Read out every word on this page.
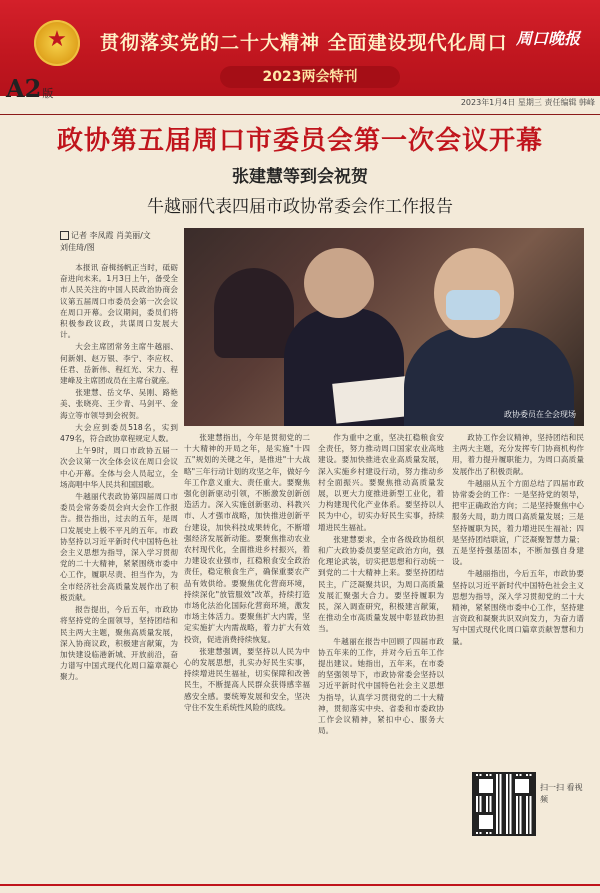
★	贯彻落实党的二十大精神 全面建设现代化周口 周口晚报
2023两会特刊
A2版
2023年1月4日 星期三 责任编辑 韩峰
政协第五届周口市委员会第一次会议开幕
张建慧等到会祝贺
牛越丽代表四届市政协常委会作工作报告
记者 李凤霞 肖美丽/文
刘佳琦/图
政协委员在全会现场

本报讯 奋楫扬帆正当时，砥砺奋进向未来。1月3日上午，备受全市人民关注的中国人民政治协商会议第五届周口市委员会第一次会议在周口开幕。会议期间，委员们将积极参政议政，共谋周口发展大计。

大会主席团常务主席牛越丽、何新娟、赵万银、李宁、李应权、任君、岳新伟、程红光、宋力、程建峰及主席团成员在主席台就座。

张建慧、岳文华、吴刚、路艳美、张晓亮、王少青、马剑平、金海立等市领导到会祝贺。

大会应到委员518名，实到479名，符合政协章程规定人数。

上午9时，周口市政协五届一次会议第一次全体会议在周口会议中心开幕。全体与会人员起立，全场高唱中华人民共和国国歌。

牛越丽代表政协第四届周口市委员会常务委员会向大会作工作报告。报告指出，过去的五年，是周口发展史上极不平凡的五年。市政协坚持以习近平新时代中国特色社会主义思想为指导，深入学习贯彻党的二十大精神，紧紧围绕市委中心工作，履职尽责、担当作为，为全市经济社会高质量发展作出了积极贡献。

报告提出，今后五年，市政协将坚持党的全面领导，坚持团结和民主两大主题，聚焦高质量发展，深入协商议政，积极建言献策，为加快建设临港新城、开放前沿，奋力谱写中国式现代化周口篇章凝心聚力。

张建慧指出，今年是贯彻党的二十大精神的开局之年，是实施"十四五"规划的关键之年，是推进"十大战略"三年行动计划的攻坚之年，做好今年工作意义重大、责任重大。要聚焦强化创新驱动引领，不断激发创新创造活力。深入实施创新驱动、科教兴市、人才强市战略，加快推进创新平台建设，加快科技成果转化，不断增强经济发展新动能。要聚焦推动农业农村现代化，全面推进乡村振兴，着力建设农业强市，扛稳粮食安全政治责任，稳定粮食生产，确保重要农产品有效供给。要聚焦优化营商环境，持续深化"放管服效"改革，持续打造市场化法治化国际化营商环境，激发市场主体活力。要聚焦扩大内需，坚定实施扩大内需战略，着力扩大有效投资，促进消费持续恢复。

张建慧强调，要坚持以人民为中心的发展思想，扎实办好民生实事，持续增进民生福祉，切实保障和改善民生，不断提高人民群众获得感幸福感安全感。要统筹发展和安全，坚决守住不发生系统性风险的底线。

作为重中之重，坚决扛稳粮食安全责任，努力推动周口国家农业高地建设。要加快推进农业高质量发展，深入实施乡村建设行动，努力推动乡村全面振兴。要聚焦推动高质量发展，以更大力度推进新型工业化，着力构建现代化产业体系。要坚持以人民为中心，切实办好民生实事，持续增进民生福祉。

张建慧要求，全市各级政协组织和广大政协委员要坚定政治方向，强化理论武装，切实把思想和行动统一到党的二十大精神上来。要坚持团结民主，广泛凝聚共识，为周口高质量发展汇聚强大合力。要坚持履职为民，深入调查研究，积极建言献策，在推动全市高质量发展中彰显政协担当。

牛越丽在报告中回顾了四届市政协五年来的工作，并对今后五年工作提出建议。她指出，五年来，在市委的坚强领导下，市政协常委会坚持以习近平新时代中国特色社会主义思想为指导，认真学习贯彻党的二十大精神，贯彻落实中央、省委和市委政协工作会议精神，紧扣中心、服务大局。

政协工作会议精神，坚持团结和民主两大主题，充分发挥专门协商机构作用，着力提升履职能力，为周口高质量发展作出了积极贡献。

牛越丽从五个方面总结了四届市政协常委会的工作：一是坚持党的领导，把牢正确政治方向；二是坚持聚焦中心服务大局，助力周口高质量发展；三是坚持履职为民，着力增进民生福祉；四是坚持团结联谊，广泛凝聚智慧力量；五是坚持强基固本，不断加强自身建设。

牛越丽指出，今后五年，市政协要坚持以习近平新时代中国特色社会主义思想为指导，深入学习贯彻党的二十大精神，紧紧围绕市委中心工作，坚持建言资政和凝聚共识双向发力，为奋力谱写中国式现代化周口篇章贡献智慧和力量。

扫一扫 看视频
